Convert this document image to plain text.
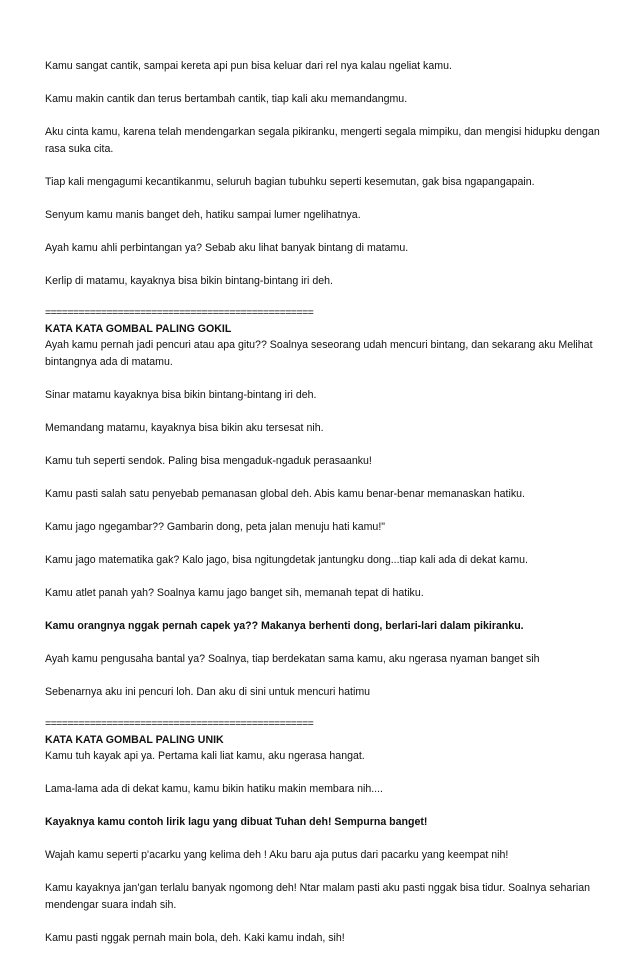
Kamu sangat cantik, sampai kereta api pun bisa keluar dari rel nya kalau ngeliat kamu.

Kamu makin cantik dan terus bertambah cantik, tiap kali aku memandangmu.

Aku cinta kamu, karena telah mendengarkan segala pikiranku, mengerti segala mimpiku, dan mengisi hidupku dengan rasa suka cita.

Tiap kali mengagumi kecantikanmu, seluruh bagian tubuhku seperti kesemutan, gak bisa ngapangapain.

Senyum kamu manis banget deh, hatiku sampai lumer ngelihatnya.

Ayah kamu ahli perbintangan ya? Sebab aku lihat banyak bintang di matamu.

Kerlip di matamu, kayaknya bisa bikin bintang-bintang iri deh.

================================================

KATA KATA GOMBAL PALING GOKIL

Ayah kamu pernah jadi pencuri atau apa gitu?? Soalnya seseorang udah mencuri bintang, dan sekarang aku Melihat bintangnya ada di matamu.

Sinar matamu kayaknya bisa bikin bintang-bintang iri deh.

Memandang matamu, kayaknya bisa bikin aku tersesat nih.

Kamu tuh seperti sendok. Paling bisa mengaduk-ngaduk perasaanku!

Kamu pasti salah satu penyebab pemanasan global deh. Abis kamu benar-benar memanaskan hatiku.

Kamu jago ngegambar?? Gambarin dong, peta jalan menuju hati kamu!"

Kamu jago matematika gak? Kalo jago, bisa ngitungdetak jantungku dong...tiap kali ada di dekat kamu.

Kamu atlet panah yah? Soalnya kamu jago banget sih, memanah tepat di hatiku.

Kamu orangnya nggak pernah capek ya?? Makanya berhenti dong, berlari-lari dalam pikiranku.

Ayah kamu pengusaha bantal ya? Soalnya, tiap berdekatan sama kamu, aku ngerasa nyaman banget sih

Sebenarnya aku ini pencuri loh. Dan aku di sini untuk mencuri hatimu

================================================

KATA KATA GOMBAL PALING UNIK

Kamu tuh kayak api ya. Pertama kali liat kamu, aku ngerasa hangat.

Lama-lama ada di dekat kamu, kamu bikin hatiku makin membara nih....

Kayaknya kamu contoh lirik lagu yang dibuat Tuhan deh! Sempurna banget!

Wajah kamu seperti p'acarku yang kelima deh ! Aku baru aja putus dari pacarku yang keempat nih!

Kamu kayaknya jan'gan terlalu banyak ngomong deh! Ntar malam pasti aku pasti nggak bisa tidur. Soalnya seharian mendengar suara indah sih.

Kamu pasti nggak pernah main bola, deh. Kaki kamu indah, sih!
